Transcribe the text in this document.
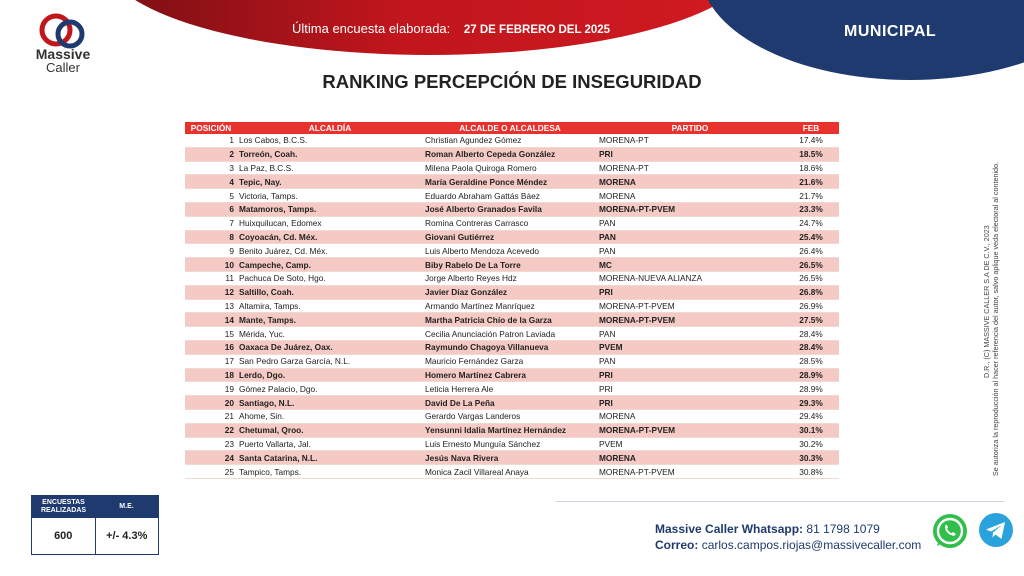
Massive
Caller
Última encuesta elaborada: 27 DE FEBRERO DEL 2025	MUNICIPAL
RANKING PERCEPCIÓN DE INSEGURIDAD
POSICIÓN	ALCALDÍA	ALCALDE O ALCALDESA	PARTIDO	FEB
1	Los Cabos, B.C.S.	Christian Agundez Gómez	MORENA-PT	17.4%
2	Torreón, Coah.	Roman Alberto Cepeda González	PRI	18.5%
3	La Paz, B.C.S.	Milena Paola Quiroga Romero	MORENA-PT	18.6%
4	Tepic, Nay.	María Geraldine Ponce Méndez	MORENA	21.6%
5	Victoria, Tamps.	Eduardo Abraham Gattás Báez	MORENA	21.7%
6	Matamoros, Tamps.	José Alberto Granados Favila	MORENA-PT-PVEM	23.3%
7	Huixquilucan, Edomex	Romina Contreras Carrasco	PAN	24.7%
8	Coyoacán, Cd. Méx.	Giovani Gutiérrez	PAN	25.4%
9	Benito Juárez, Cd. Méx.	Luis Alberto Mendoza Acevedo	PAN	26.4%
10	Campeche, Camp.	Biby Rabelo De La Torre	MC	26.5%
11	Pachuca De Soto, Hgo.	Jorge Alberto Reyes Hdz	MORENA-NUEVA ALIANZA	26.5%
12	Saltillo, Coah.	Javier Díaz González	PRI	26.8%
13	Altamira, Tamps.	Armando Martínez Manríquez	MORENA-PT-PVEM	26.9%
14	Mante, Tamps.	Martha Patricia Chío de la Garza	MORENA-PT-PVEM	27.5%
15	Mérida, Yuc.	Cecilia Anunciación Patron Laviada	PAN	28.4%
16	Oaxaca De Juárez, Oax.	Raymundo Chagoya Villanueva	PVEM	28.4%
17	San Pedro Garza García, N.L.	Mauricio Fernández Garza	PAN	28.5%
18	Lerdo, Dgo.	Homero Martínez Cabrera	PRI	28.9%
19	Gómez Palacio, Dgo.	Leticia Herrera Ale	PRI	28.9%
20	Santiago, N.L.	David De La Peña	PRI	29.3%
21	Ahome, Sin.	Gerardo Vargas Landeros	MORENA	29.4%
22	Chetumal, Qroo.	Yensunni Idalia Martínez Hernández	MORENA-PT-PVEM	30.1%
23	Puerto Vallarta, Jal.	Luis Ernesto Munguía Sánchez	PVEM	30.2%
24	Santa Catarina, N.L.	Jesús Nava Rivera	MORENA	30.3%
25	Tampico, Tamps.	Monica Zacil Villareal Anaya	MORENA-PT-PVEM	30.8%
D.R., (C) MASSIVE CALLER S.A DE C.V., 2023 Se autoriza la reproducción al hacer referencia del autor, salvo aplique veda electoral al contenido.
ENCUESTAS REALIZADAS
M.E.
600	+/- 4.3%	Massive Caller Whatsapp: 81 1798 1079
Correo: carlos.campos.riojas@massivecaller.com
